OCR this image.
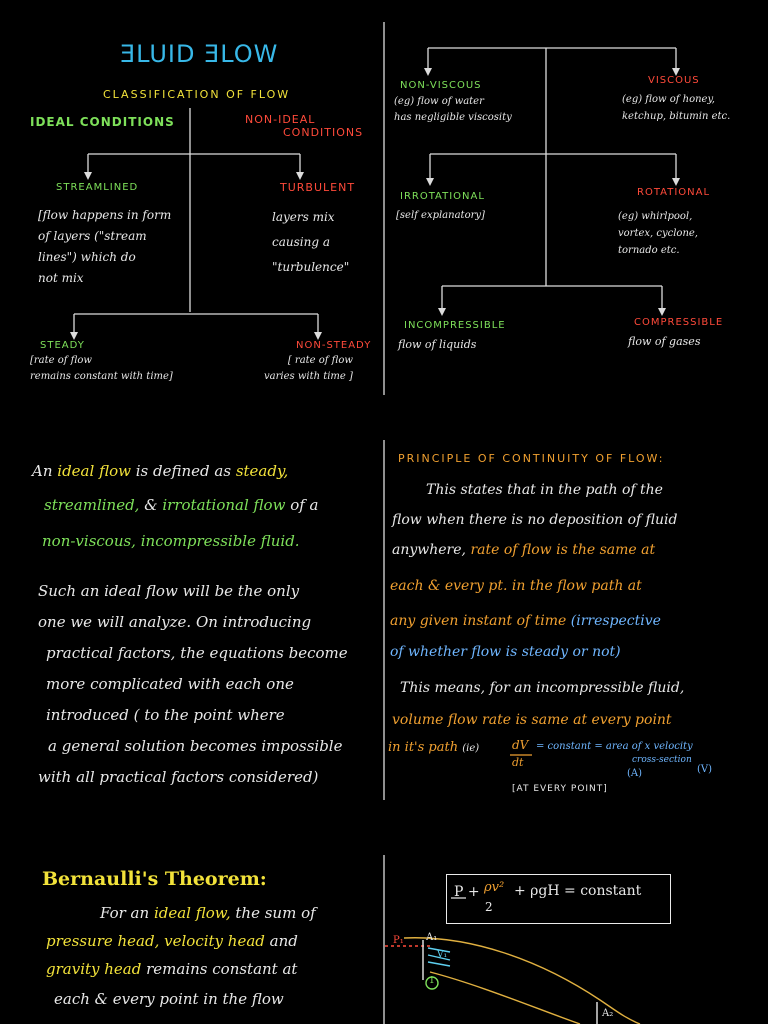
ƎLUID ƎLOW
CLASSIFICATION OF FLOW
IDEAL CONDITIONS	NON-IDEAL
CONDITIONS
STREAMLINED
[flow happens in form
of layers ("stream
lines") which do
not mix
TURBULENT
layers mix
causing a
"turbulence"
STEADY
[rate of flow
remains constant with time]
NON-STEADY
[ rate of flow
varies with time ]
NON-VISCOUS
(eg) flow of water
has negligible viscosity
VISCOUS
(eg) flow of honey,
ketchup, bitumin etc.
IRROTATIONAL
[self explanatory]
ROTATIONAL
(eg) whirlpool,
vortex, cyclone,
tornado etc.
INCOMPRESSIBLE
flow of liquids
COMPRESSIBLE
flow of gases
An ideal flow is defined as steady,
streamlined, & irrotational flow of a
non-viscous, incompressible fluid.
Such an ideal flow will be the only
one we will analyze. On introducing
practical factors, the equations become
more complicated with each one
introduced ( to the point where
a general solution becomes impossible
with all practical factors considered)
PRINCIPLE OF CONTINUITY OF FLOW:
This states that in the path of the
flow when there is no deposition of fluid
anywhere, rate of flow is the same at
each & every pt. in the flow path at
any given instant of time (irrespective
of whether flow is steady or not)
This means, for an incompressible fluid,
volume flow rate is same at every point
in it's path (ie)	dV
dt
= constant = area of x velocity
cross-section
(A)	(V)
[AT EVERY POINT]
Bernaulli's Theorem:
For an ideal flow, the sum of
pressure head, velocity head and
gravity head remains constant at
each & every point in the flow
P + ρv²
2
+ ρgH = constant
P₁ A₁
V₁
1
A₂
